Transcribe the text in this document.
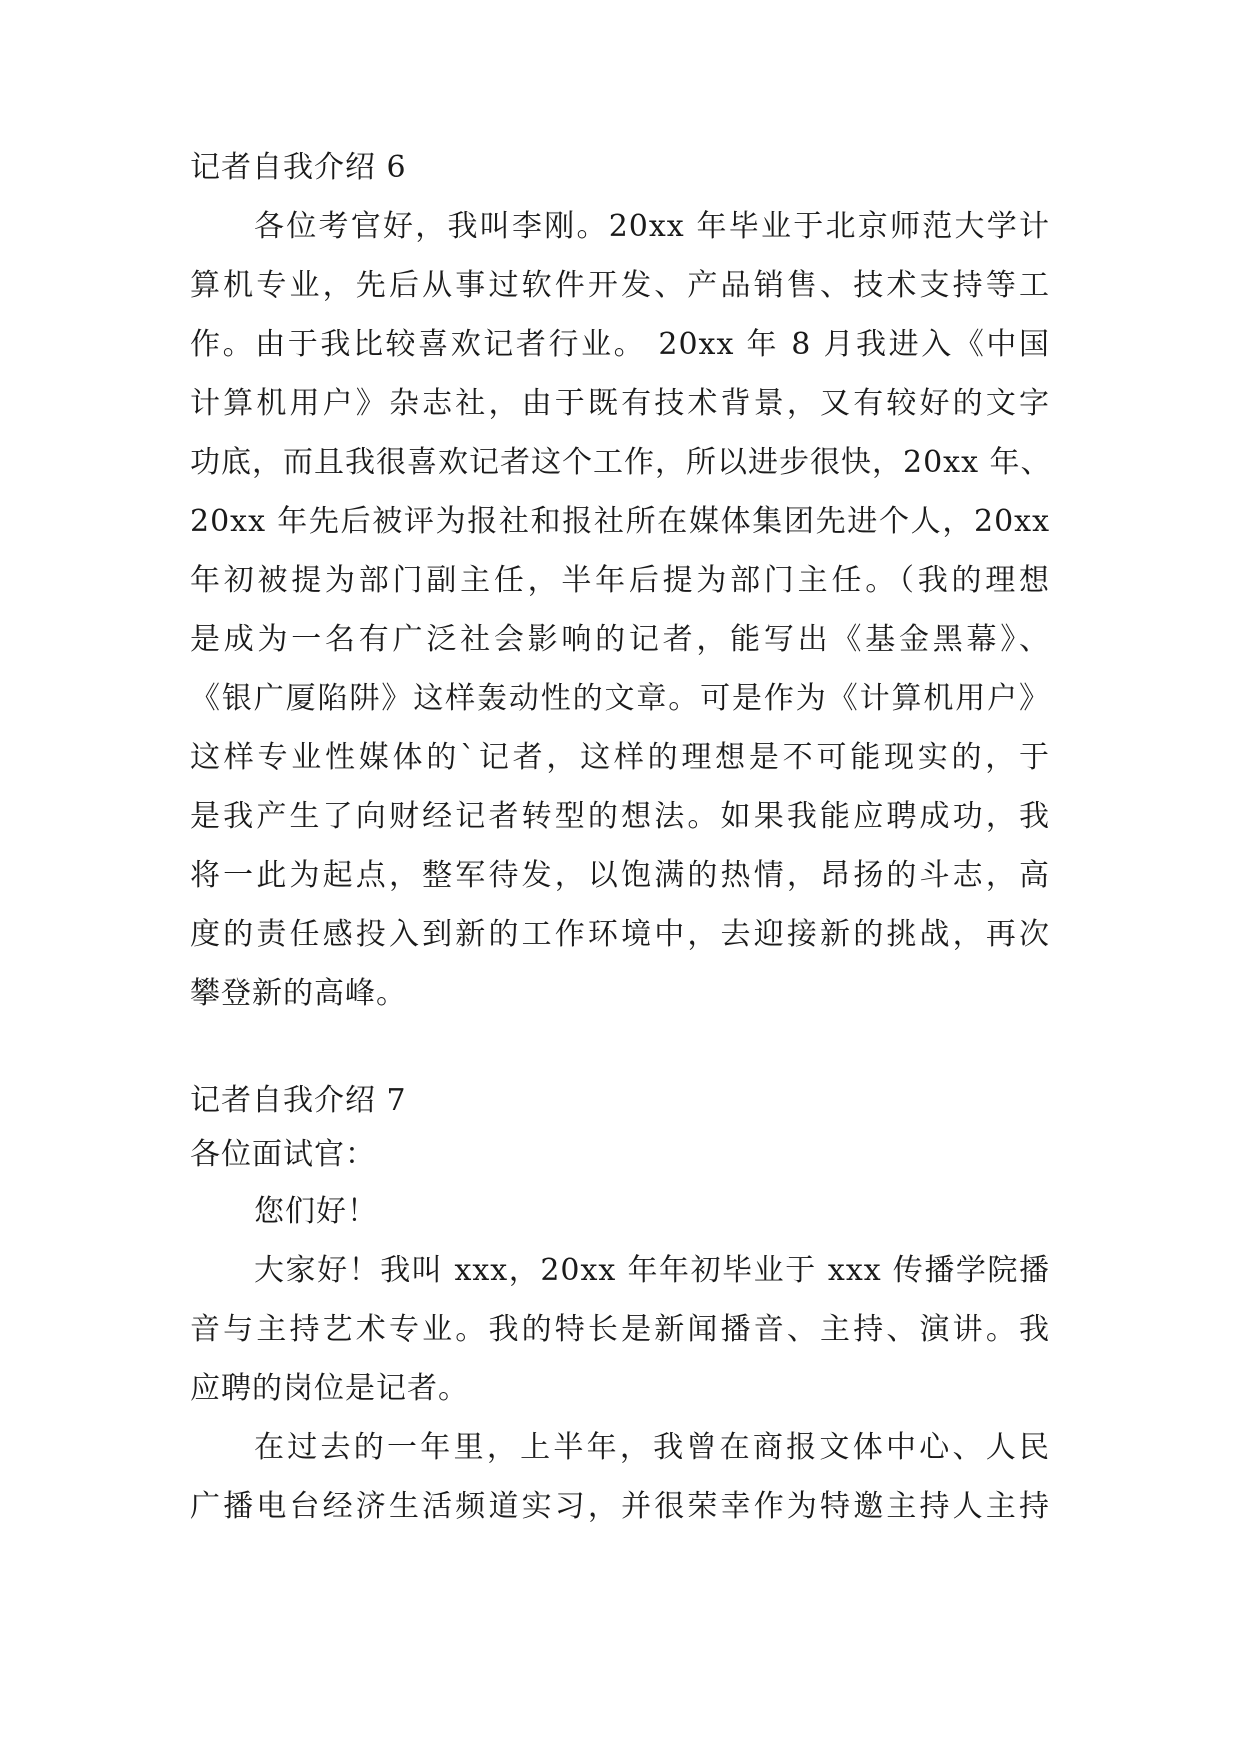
记者自我介绍 6
各位考官好，我叫李刚。20xx 年毕业于北京师范大学计
算机专业，先后从事过软件开发、产品销售、技术支持等工
作。由于我比较喜欢记者行业。 20xx 年 8 月我进入《中国
计算机用户》杂志社，由于既有技术背景，又有较好的文字
功底，而且我很喜欢记者这个工作，所以进步很快，20xx 年、
20xx 年先后被评为报社和报社所在媒体集团先进个人，20xx
年初被提为部门副主任，半年后提为部门主任。（我的理想
是成为一名有广泛社会影响的记者，能写出《基金黑幕》、
《银广厦陷阱》这样轰动性的文章。可是作为《计算机用户》
这样专业性媒体的`记者，这样的理想是不可能现实的，于
是我产生了向财经记者转型的想法。如果我能应聘成功，我
将一此为起点，整军待发，以饱满的热情，昂扬的斗志，高
度的责任感投入到新的工作环境中，去迎接新的挑战，再次
攀登新的高峰。
记者自我介绍 7
各位面试官：
您们好！
大家好！我叫 xxx，20xx 年年初毕业于 xxx 传播学院播
音与主持艺术专业。我的特长是新闻播音、主持、演讲。我
应聘的岗位是记者。
在过去的一年里，上半年，我曾在商报文体中心、人民
广播电台经济生活频道实习，并很荣幸作为特邀主持人主持
